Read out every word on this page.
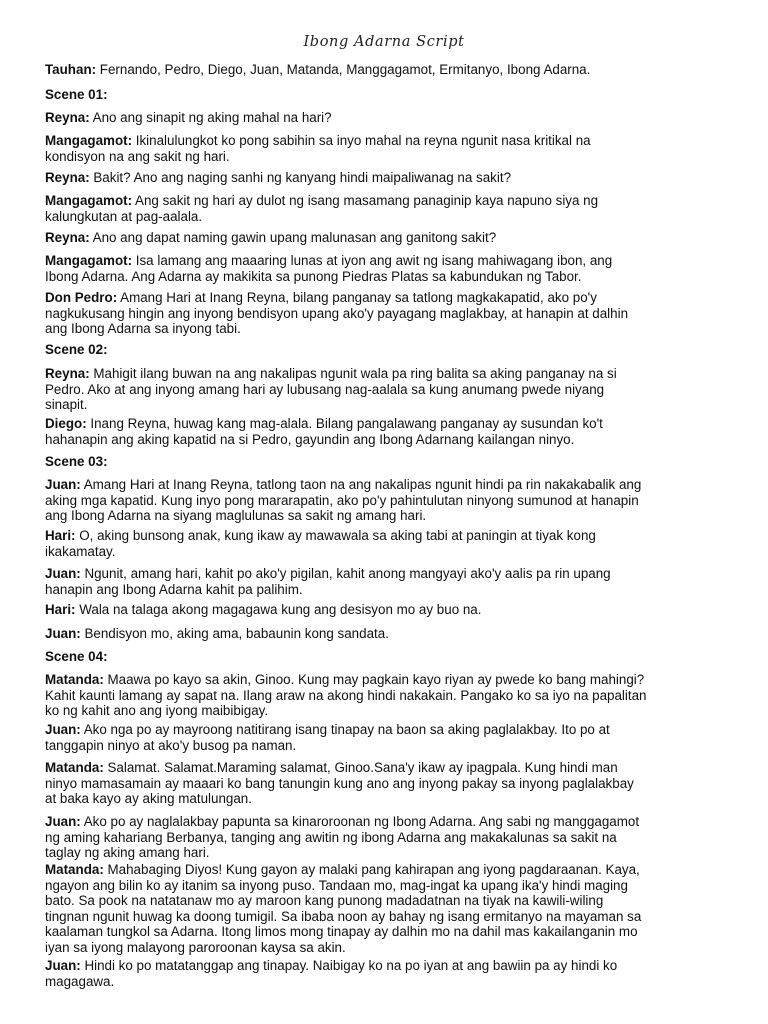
Ibong Adarna Script
Tauhan: Fernando, Pedro, Diego, Juan, Matanda, Manggagamot, Ermitanyo, Ibong Adarna.
Scene 01:
Reyna: Ano ang sinapit ng aking mahal na hari?
Mangagamot: Ikinalulungkot ko pong sabihin sa inyo mahal na reyna ngunit nasa kritikal na
kondisyon na ang sakit ng hari.
Reyna: Bakit? Ano ang naging sanhi ng kanyang hindi maipaliwanag na sakit?
Mangagamot: Ang sakit ng hari ay dulot ng isang masamang panaginip kaya napuno siya ng
kalungkutan at pag-aalala.
Reyna: Ano ang dapat naming gawin upang malunasan ang ganitong sakit?
Mangagamot: Isa lamang ang maaaring lunas at iyon ang awit ng isang mahiwagang ibon, ang
Ibong Adarna. Ang Adarna ay makikita sa punong Piedras Platas sa kabundukan ng Tabor.
Don Pedro: Amang Hari at Inang Reyna, bilang panganay sa tatlong magkakapatid, ako po'y
nagkukusang hingin ang inyong bendisyon upang ako'y payagang maglakbay, at hanapin at dalhin
ang Ibong Adarna sa inyong tabi.
Scene 02:
Reyna: Mahigit ilang buwan na ang nakalipas ngunit wala pa ring balita sa aking panganay na si
Pedro. Ako at ang inyong amang hari ay lubusang nag-aalala sa kung anumang pwede niyang
sinapit.
Diego: Inang Reyna, huwag kang mag-alala. Bilang pangalawang panganay ay susundan ko't
hahanapin ang aking kapatid na si Pedro, gayundin ang Ibong Adarnang kailangan ninyo.
Scene 03:
Juan: Amang Hari at Inang Reyna, tatlong taon na ang nakalipas ngunit hindi pa rin nakakabalik ang
aking mga kapatid. Kung inyo pong mararapatin, ako po'y pahintulutan ninyong sumunod at hanapin
ang Ibong Adarna na siyang maglulunas sa sakit ng amang hari.
Hari: O, aking bunsong anak, kung ikaw ay mawawala sa aking tabi at paningin at tiyak kong
ikakamatay.
Juan: Ngunit, amang hari, kahit po ako'y pigilan, kahit anong mangyayi ako'y aalis pa rin upang
hanapin ang Ibong Adarna kahit pa palihim.
Hari: Wala na talaga akong magagawa kung ang desisyon mo ay buo na.
Juan: Bendisyon mo, aking ama, babaunin kong sandata.
Scene 04:
Matanda: Maawa po kayo sa akin, Ginoo. Kung may pagkain kayo riyan ay pwede ko bang mahingi?
Kahit kaunti lamang ay sapat na. Ilang araw na akong hindi nakakain. Pangako ko sa iyo na papalitan
ko ng kahit ano ang iyong maibibigay.
Juan: Ako nga po ay mayroong natitirang isang tinapay na baon sa aking paglalakbay. Ito po at
tanggapin ninyo at ako'y busog pa naman.
Matanda: Salamat. Salamat.Maraming salamat, Ginoo.Sana'y ikaw ay ipagpala. Kung hindi man
ninyo mamasamain ay maaari ko bang tanungin kung ano ang inyong pakay sa inyong paglalakbay
at baka kayo ay aking matulungan.
Juan: Ako po ay naglalakbay papunta sa kinaroroonan ng Ibong Adarna. Ang sabi ng manggagamot
ng aming kahariang Berbanya, tanging ang awitin ng ibong Adarna ang makakalunas sa sakit na
taglay ng aking amang hari.
Matanda: Mahabaging Diyos! Kung gayon ay malaki pang kahirapan ang iyong pagdaraanan. Kaya,
ngayon ang bilin ko ay itanim sa inyong puso. Tandaan mo, mag-ingat ka upang ika'y hindi maging
bato. Sa pook na natatanaw mo ay maroon kang punong madadatnan na tiyak na kawili-wiling
tingnan ngunit huwag ka doong tumigil. Sa ibaba noon ay bahay ng isang ermitanyo na mayaman sa
kaalaman tungkol sa Adarna. Itong limos mong tinapay ay dalhin mo na dahil mas kakailanganin mo
iyan sa iyong malayong paroroonan kaysa sa akin.
Juan: Hindi ko po matatanggap ang tinapay. Naibigay ko na po iyan at ang bawiin pa ay hindi ko
magagawa.
